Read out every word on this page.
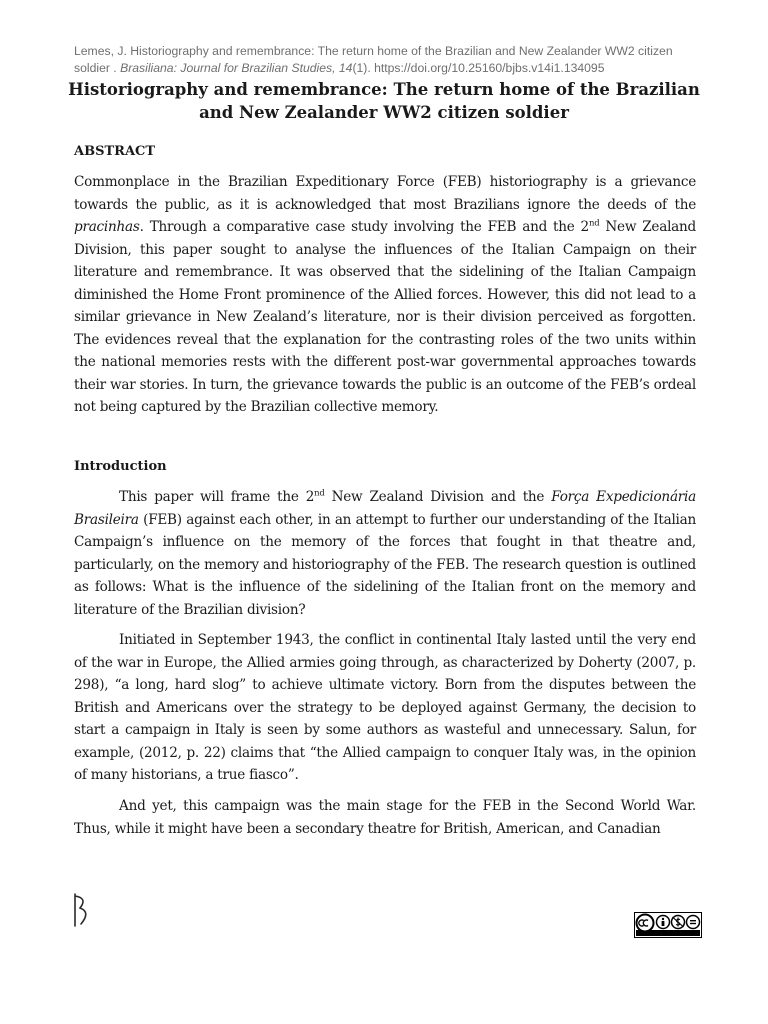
Lemes, J. Historiography and remembrance: The return home of the Brazilian and New Zealander WW2 citizen soldier . Brasiliana: Journal for Brazilian Studies, 14(1). https://doi.org/10.25160/bjbs.v14i1.134095
Historiography and remembrance: The return home of the Brazilian and New Zealander WW2 citizen soldier
ABSTRACT
Commonplace in the Brazilian Expeditionary Force (FEB) historiography is a grievance towards the public, as it is acknowledged that most Brazilians ignore the deeds of the pracinhas. Through a comparative case study involving the FEB and the 2nd New Zealand Division, this paper sought to analyse the influences of the Italian Campaign on their literature and remembrance. It was observed that the sidelining of the Italian Campaign diminished the Home Front prominence of the Allied forces. However, this did not lead to a similar grievance in New Zealand’s literature, nor is their division perceived as forgotten. The evidences reveal that the explanation for the contrasting roles of the two units within the national memories rests with the different post-war governmental approaches towards their war stories. In turn, the grievance towards the public is an outcome of the FEB’s ordeal not being captured by the Brazilian collective memory.
Introduction
This paper will frame the 2nd New Zealand Division and the Força Expedicionária Brasileira (FEB) against each other, in an attempt to further our understanding of the Italian Campaign’s influence on the memory of the forces that fought in that theatre and, particularly, on the memory and historiography of the FEB. The research question is outlined as follows: What is the influence of the sidelining of the Italian front on the memory and literature of the Brazilian division?
Initiated in September 1943, the conflict in continental Italy lasted until the very end of the war in Europe, the Allied armies going through, as characterized by Doherty (2007, p. 298), “a long, hard slog” to achieve ultimate victory. Born from the disputes between the British and Americans over the strategy to be deployed against Germany, the decision to start a campaign in Italy is seen by some authors as wasteful and unnecessary. Salun, for example, (2012, p. 22) claims that “the Allied campaign to conquer Italy was, in the opinion of many historians, a true fiasco”.
And yet, this campaign was the main stage for the FEB in the Second World War. Thus, while it might have been a secondary theatre for British, American, and Canadian
